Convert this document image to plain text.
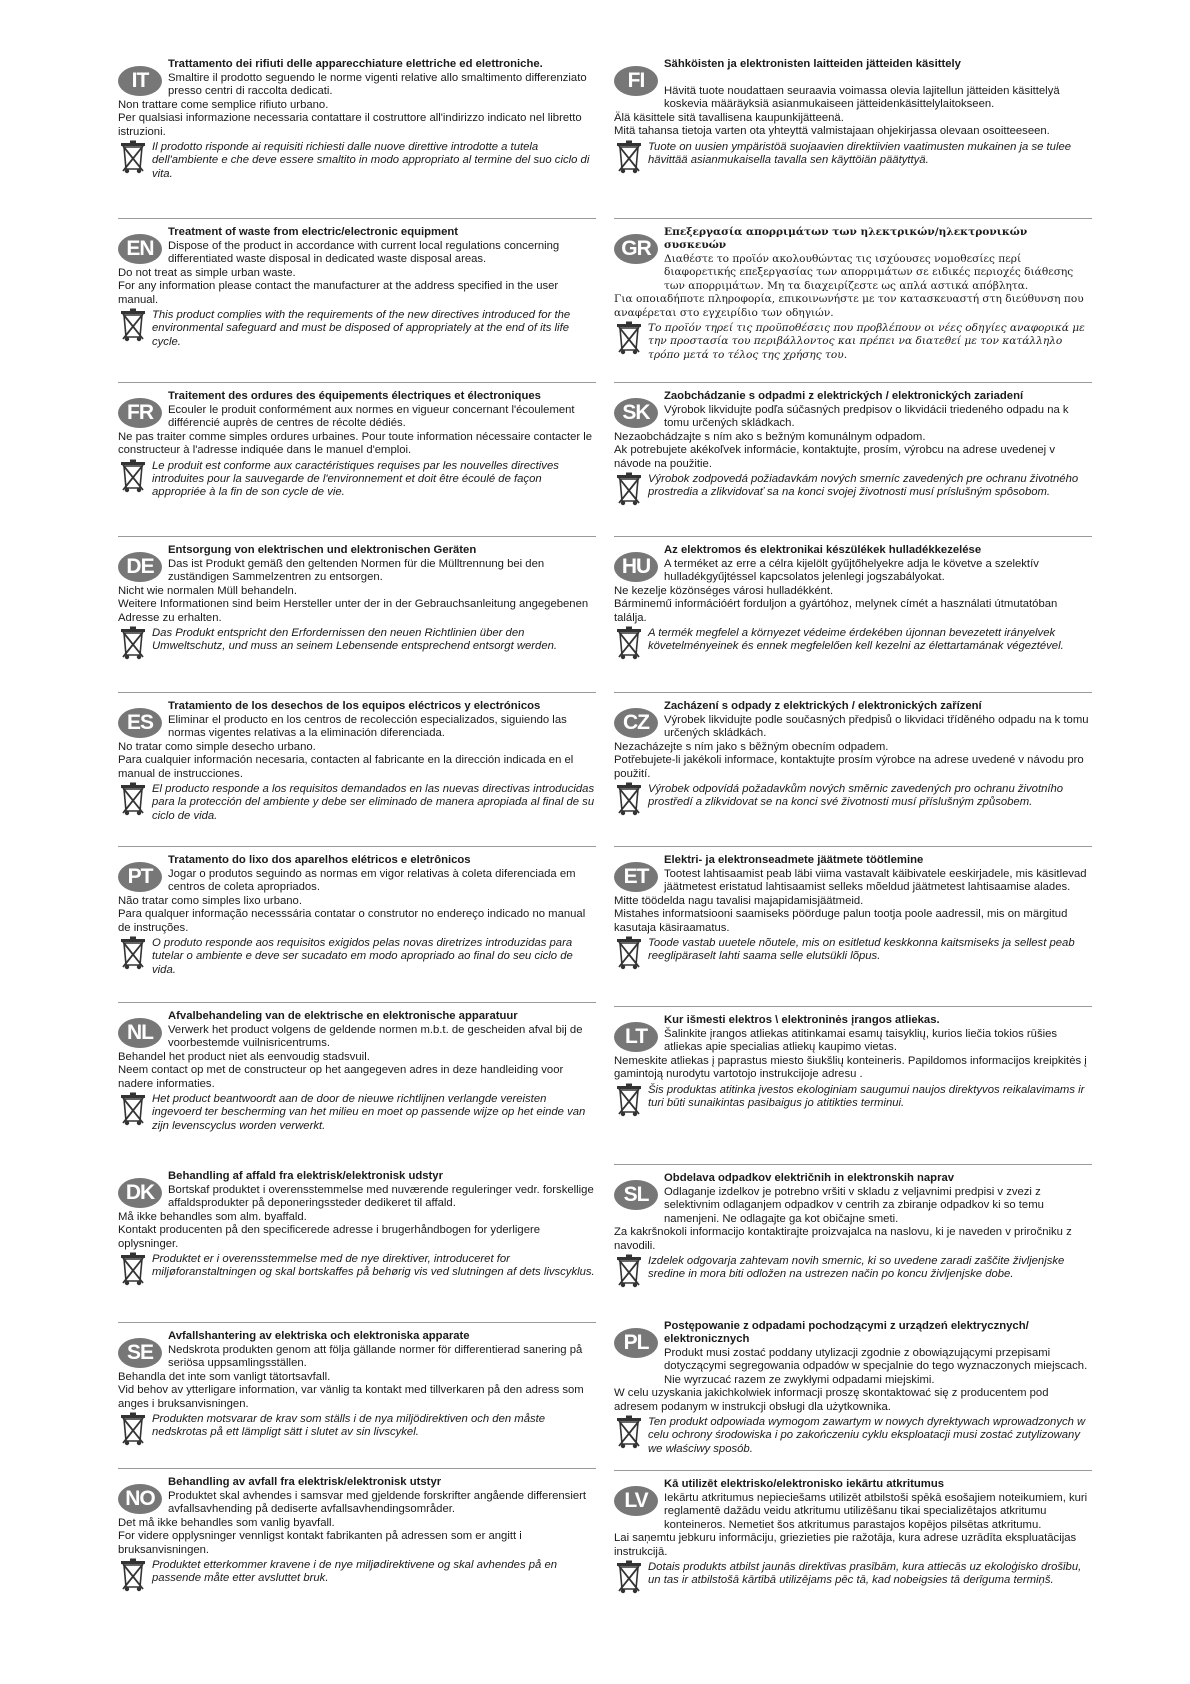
IT
Trattamento dei rifiuti delle apparecchiature elettriche ed elettroniche.

Smaltire il prodotto seguendo le norme vigenti relative allo smaltimento differenziato presso centri di raccolta dedicati.

Non trattare come semplice rifiuto urbano.

Per qualsiasi informazione necessaria contattare il costruttore all'indirizzo indicato nel libretto istruzioni.

Il prodotto risponde ai requisiti richiesti dalle nuove direttive introdotte a tutela dell'ambiente e che deve essere smaltito in modo appropriato al termine del suo ciclo di vita.
EN
Treatment of waste from electric/electronic equipment

Dispose of the product in accordance with current local regulations concerning differentiated waste disposal in dedicated waste disposal areas.

Do not treat as simple urban waste.

For any information please contact the manufacturer at the address specified in the user manual.

This product complies with the requirements of the new directives introduced for the environmental safeguard and must be disposed of appropriately at the end of its life cycle.
FR
Traitement des ordures des équipements électriques et électroniques

Ecouler le produit conformément aux normes en vigueur concernant l'écoulement différencié auprès de centres de récolte dédiés.

Ne pas traiter comme simples ordures urbaines. Pour toute information nécessaire contacter le constructeur à l'adresse indiquée dans le manuel d'emploi.

Le produit est conforme aux caractéristiques requises par les nouvelles directives introduites pour la sauvegarde de l'environnement et doit être écoulé de façon appropriée à la fin de son cycle de vie.
DE
Entsorgung von elektrischen und elektronischen Geräten

Das ist Produkt gemäß den geltenden Normen für die Mülltrennung bei den zuständigen Sammelzentren zu entsorgen.

Nicht wie normalen Müll behandeln.

Weitere Informationen sind beim Hersteller unter der in der Gebrauchsanleitung angegebenen Adresse zu erhalten.

Das Produkt entspricht den Erfordernissen den neuen Richtlinien über den Umweltschutz, und muss an seinem Lebensende entsprechend entsorgt werden.
ES
Tratamiento de los desechos de los equipos eléctricos y electrónicos

Eliminar el producto en los centros de recolección especializados, siguiendo las normas vigentes relativas a la eliminación diferenciada.

No tratar como simple desecho urbano.

Para cualquier información necesaria, contacten al fabricante en la dirección indicada en el manual de instrucciones.

El producto responde a los requisitos demandados en las nuevas directivas introducidas para la protección del ambiente y debe ser eliminado de manera apropiada al final de su ciclo de vida.
PT
Tratamento do lixo dos aparelhos elétricos e eletrônicos

Jogar o produtos seguindo as normas em vigor relativas à coleta diferenciada em centros de coleta apropriados.

Não tratar como simples lixo urbano.

Para qualquer informação necesssária contatar o construtor no endereço indicado no manual de instruções.

O produto responde aos requisitos exigidos pelas novas diretrizes introduzidas para tutelar o ambiente e deve ser sucadato em modo apropriado ao final do seu ciclo de vida.
NL
Afvalbehandeling van de elektrische en elektronische apparatuur

Verwerk het product volgens de geldende normen m.b.t. de gescheiden afval bij de voorbestemde vuilnisricentrums.

Behandel het product niet als eenvoudig stadsvuil.

Neem contact op met de constructeur op het aangegeven adres in deze handleiding voor nadere informaties.

Het product beantwoordt aan de door de nieuwe richtlijnen verlangde vereisten ingevoerd ter bescherming van het milieu en moet op passende wijze op het einde van zijn levenscyclus worden verwerkt.
DK
Behandling af affald fra elektrisk/elektronisk udstyr

Bortskaf produktet i overensstemmelse med nuværende reguleringer vedr. forskellige affaldsprodukter på deponeringssteder dedikeret til affald.

Må ikke behandles som alm. byaffald.

Kontakt producenten på den specificerede adresse i brugerhåndbogen for yderligere oplysninger.

Produktet er i overensstemmelse med de nye direktiver, introduceret for miljøforanstaltningen og skal bortskaffes på behørig vis ved slutningen af dets livscyklus.
SE
Avfallshantering av elektriska och elektroniska apparate

Nedskrota produkten genom att följa gällande normer för differentierad sanering på seriösa uppsamlingsställen.

Behandla det inte som vanligt tätortsavfall.

Vid behov av ytterligare information, var vänlig ta kontakt med tillverkaren på den adress som anges i bruksanvisningen.

Produkten motsvarar de krav som ställs i de nya miljödirektiven och den måste nedskrotas på ett lämpligt sätt i slutet av sin livscykel.
NO
Behandling av avfall fra elektrisk/elektronisk utstyr

Produktet skal avhendes i samsvar med gjeldende forskrifter angående differensiert avfallsavhending på dediserte avfallsavhendingsområder.

Det må ikke behandles som vanlig byavfall.

For videre opplysninger vennligst kontakt fabrikanten på adressen som er angitt i bruksanvisningen.

Produktet etterkommer kravene i de nye miljødirektivene og skal avhendes på en passende måte etter avsluttet bruk.
FI
Sähköisten ja elektronisten laitteiden jätteiden käsittely

Hävitä tuote noudattaen seuraavia voimassa olevia lajitellun jätteiden käsittelyä koskevia määräyksiä asianmukaiseen jätteidenkäsittelylaitokseen.

Älä käsittele sitä tavallisena kaupunkijätteenä.

Mitä tahansa tietoja varten ota yhteyttä valmistajaan ohjekirjassa olevaan osoitteeseen.

Tuote on uusien ympäristöä suojaavien direktiivien vaatimusten mukainen ja se tulee hävittää asianmukaisella tavalla sen käyttöiän päätyttyä.
GR
Επεξεργασία απορριμάτων των ηλεκτρικών/ηλεκτρονικών συσκευών

Διαθέστε το προϊόν ακολουθώντας τις ισχύουσες νομοθεσίες περί διαφορετικής επεξεργασίας των απορριμάτων σε ειδικές περιοχές διάθεσης των απορριμάτων. Μη τα διαχειρίζεστε ως απλά αστικά απόβλητα.

Για οποιαδήποτε πληροφορία, επικοινωνήστε με τον κατασκευαστή στη διεύθυνση που αναφέρεται στο εγχειρίδιο των οδηγιών.

Το προϊόν τηρεί τις προϋποθέσεις που προβλέπουν οι νέες οδηγίες αναφορικά με την προστασία του περιβάλλοντος και πρέπει να διατεθεί με τον κατάλληλο τρόπο μετά το τέλος της χρήσης του.
SK
Zaobchádzanie s odpadmi z elektrických / elektronických zariadení

Výrobok likvidujte podľa súčasných predpisov o likvidácii triedeného odpadu na k tomu určených skládkach.

Nezaobchádzajte s ním ako s bežným komunálnym odpadom.

Ak potrebujete akékoľvek informácie, kontaktujte, prosím, výrobcu na adrese uvedenej v návode na použitie.

Výrobok zodpovedá požiadavkám nových smerníc zavedených pre ochranu životného prostredia a zlikvidovať sa na konci svojej životnosti musí príslušným spôsobom.
HU
Az elektromos és elektronikai készülékek hulladékkezelése

A terméket az erre a célra kijelölt gyűjtőhelyekre adja le követve a szelektív hulladékgyűjtéssel kapcsolatos jelenlegi jogszabályokat.

Ne kezelje közönséges városi hulladékként.

Bárminemű információért forduljon a gyártóhoz, melynek címét a használati útmutatóban találja.

A termék megfelel a környezet védeime érdekében újonnan bevezetett irányelvek követelményeinek és ennek megfelelően kell kezelni az élettartamának végeztével.
CZ
Zacházení s odpady z elektrických / elektronických zařízení

Výrobek likvidujte podle současných předpisů o likvidaci tříděného odpadu na k tomu určených skládkách.

Nezacházejte s ním jako s běžným obecním odpadem.

Potřebujete-li jakékoli informace, kontaktujte prosím výrobce na adrese uvedené v návodu pro použití.

Výrobek odpovídá požadavkům nových směrnic zavedených pro ochranu životního prostředí a zlikvidovat se na konci své životnosti musí příslušným způsobem.
ET
Elektri- ja elektronseadmete jäätmete töötlemine

Tootest lahtisaamist peab läbi viima vastavalt käibivatele eeskirjadele, mis käsitlevad jäätmetest eristatud lahtisaamist selleks mõeldud jäätmetest lahtisaamise alades.

Mitte töödelda nagu tavalisi majapidamisjäätmeid.

Mistahes informatsiooni saamiseks pöörduge palun tootja poole aadressil, mis on märgitud kasutaja käsiraamatus.

Toode vastab uuetele nõutele, mis on esitletud keskkonna kaitsmiseks ja sellest peab reeglipäraselt lahti saama selle elutsükli lõpus.
LT
Kur išmesti elektros \ elektroninės įrangos atliekas.

Šalinkite įrangos atliekas atitinkamai esamų taisyklių, kurios liečia tokios rūšies atliekas apie specialias atliekų kaupimo vietas.

Nemeskite atliekas į paprastus miesto šiukšlių konteineris. Papildomos informacijos kreipkitės į gamintoją nurodytu vartotojo instrukcijoje adresu .

Šis produktas atitinka įvestos ekologiniam saugumui naujos direktyvos reikalavimams ir turi būti sunaikintas pasibaigus jo atitikties terminui.
SL
Obdelava odpadkov električnih in elektronskih naprav

Odlaganje izdelkov je potrebno vršiti v skladu z veljavnimi predpisi v zvezi z selektivnim odlaganjem odpadkov v centrih za zbiranje odpadkov ki so temu namenjeni. Ne odlagajte ga kot običajne smeti.

Za kakršnokoli informacijo kontaktirajte proizvajalca na naslovu, ki je naveden v priročniku z navodili.

Izdelek odgovarja zahtevam novih smernic, ki so uvedene zaradi zaščite življenjske sredine in mora biti odložen na ustrezen način po koncu življenjske dobe.
PL
Postępowanie z odpadami pochodzącymi z urządzeń elektrycznych/ elektronicznych

Produkt musi zostać poddany utylizacji zgodnie z obowiązującymi przepisami dotyczącymi segregowania odpadów w specjalnie do tego wyznaczonych miejscach. Nie wyrzucać razem ze zwykłymi odpadami miejskimi.

W celu uzyskania jakichkolwiek informacji proszę skontaktować się z producentem pod adresem podanym w instrukcji obsługi dla użytkownika.

Ten produkt odpowiada wymogom zawartym w nowych dyrektywach wprowadzonych w celu ochrony środowiska i po zakończeniu cyklu eksploatacji musi zostać zutylizowany we właściwy sposób.
LV
Kā utilizēt elektrisko/elektronisko iekārtu atkritumus

Iekārtu atkritumus nepieciešams utilizēt atbilstoši spēkā esošajiem noteikumiem, kuri reglamentē dažādu veidu atkritumu utilizēšanu tikai specializētajos atkritumu konteineros. Nemetiet šos atkritumus parastajos kopējos pilsētas atkritumu.

Lai saņemtu jebkuru informāciju, griezieties pie ražotāja, kura adrese uzrādīta ekspluatācijas instrukcijā.

Dotais produkts atbilst jaunās direktīvas prasībām, kura attiecās uz ekoloģisko drošību, un tas ir atbilstošā kārtībā utilizējams pēc tā, kad nobeigsies tā derīguma termiņš.
